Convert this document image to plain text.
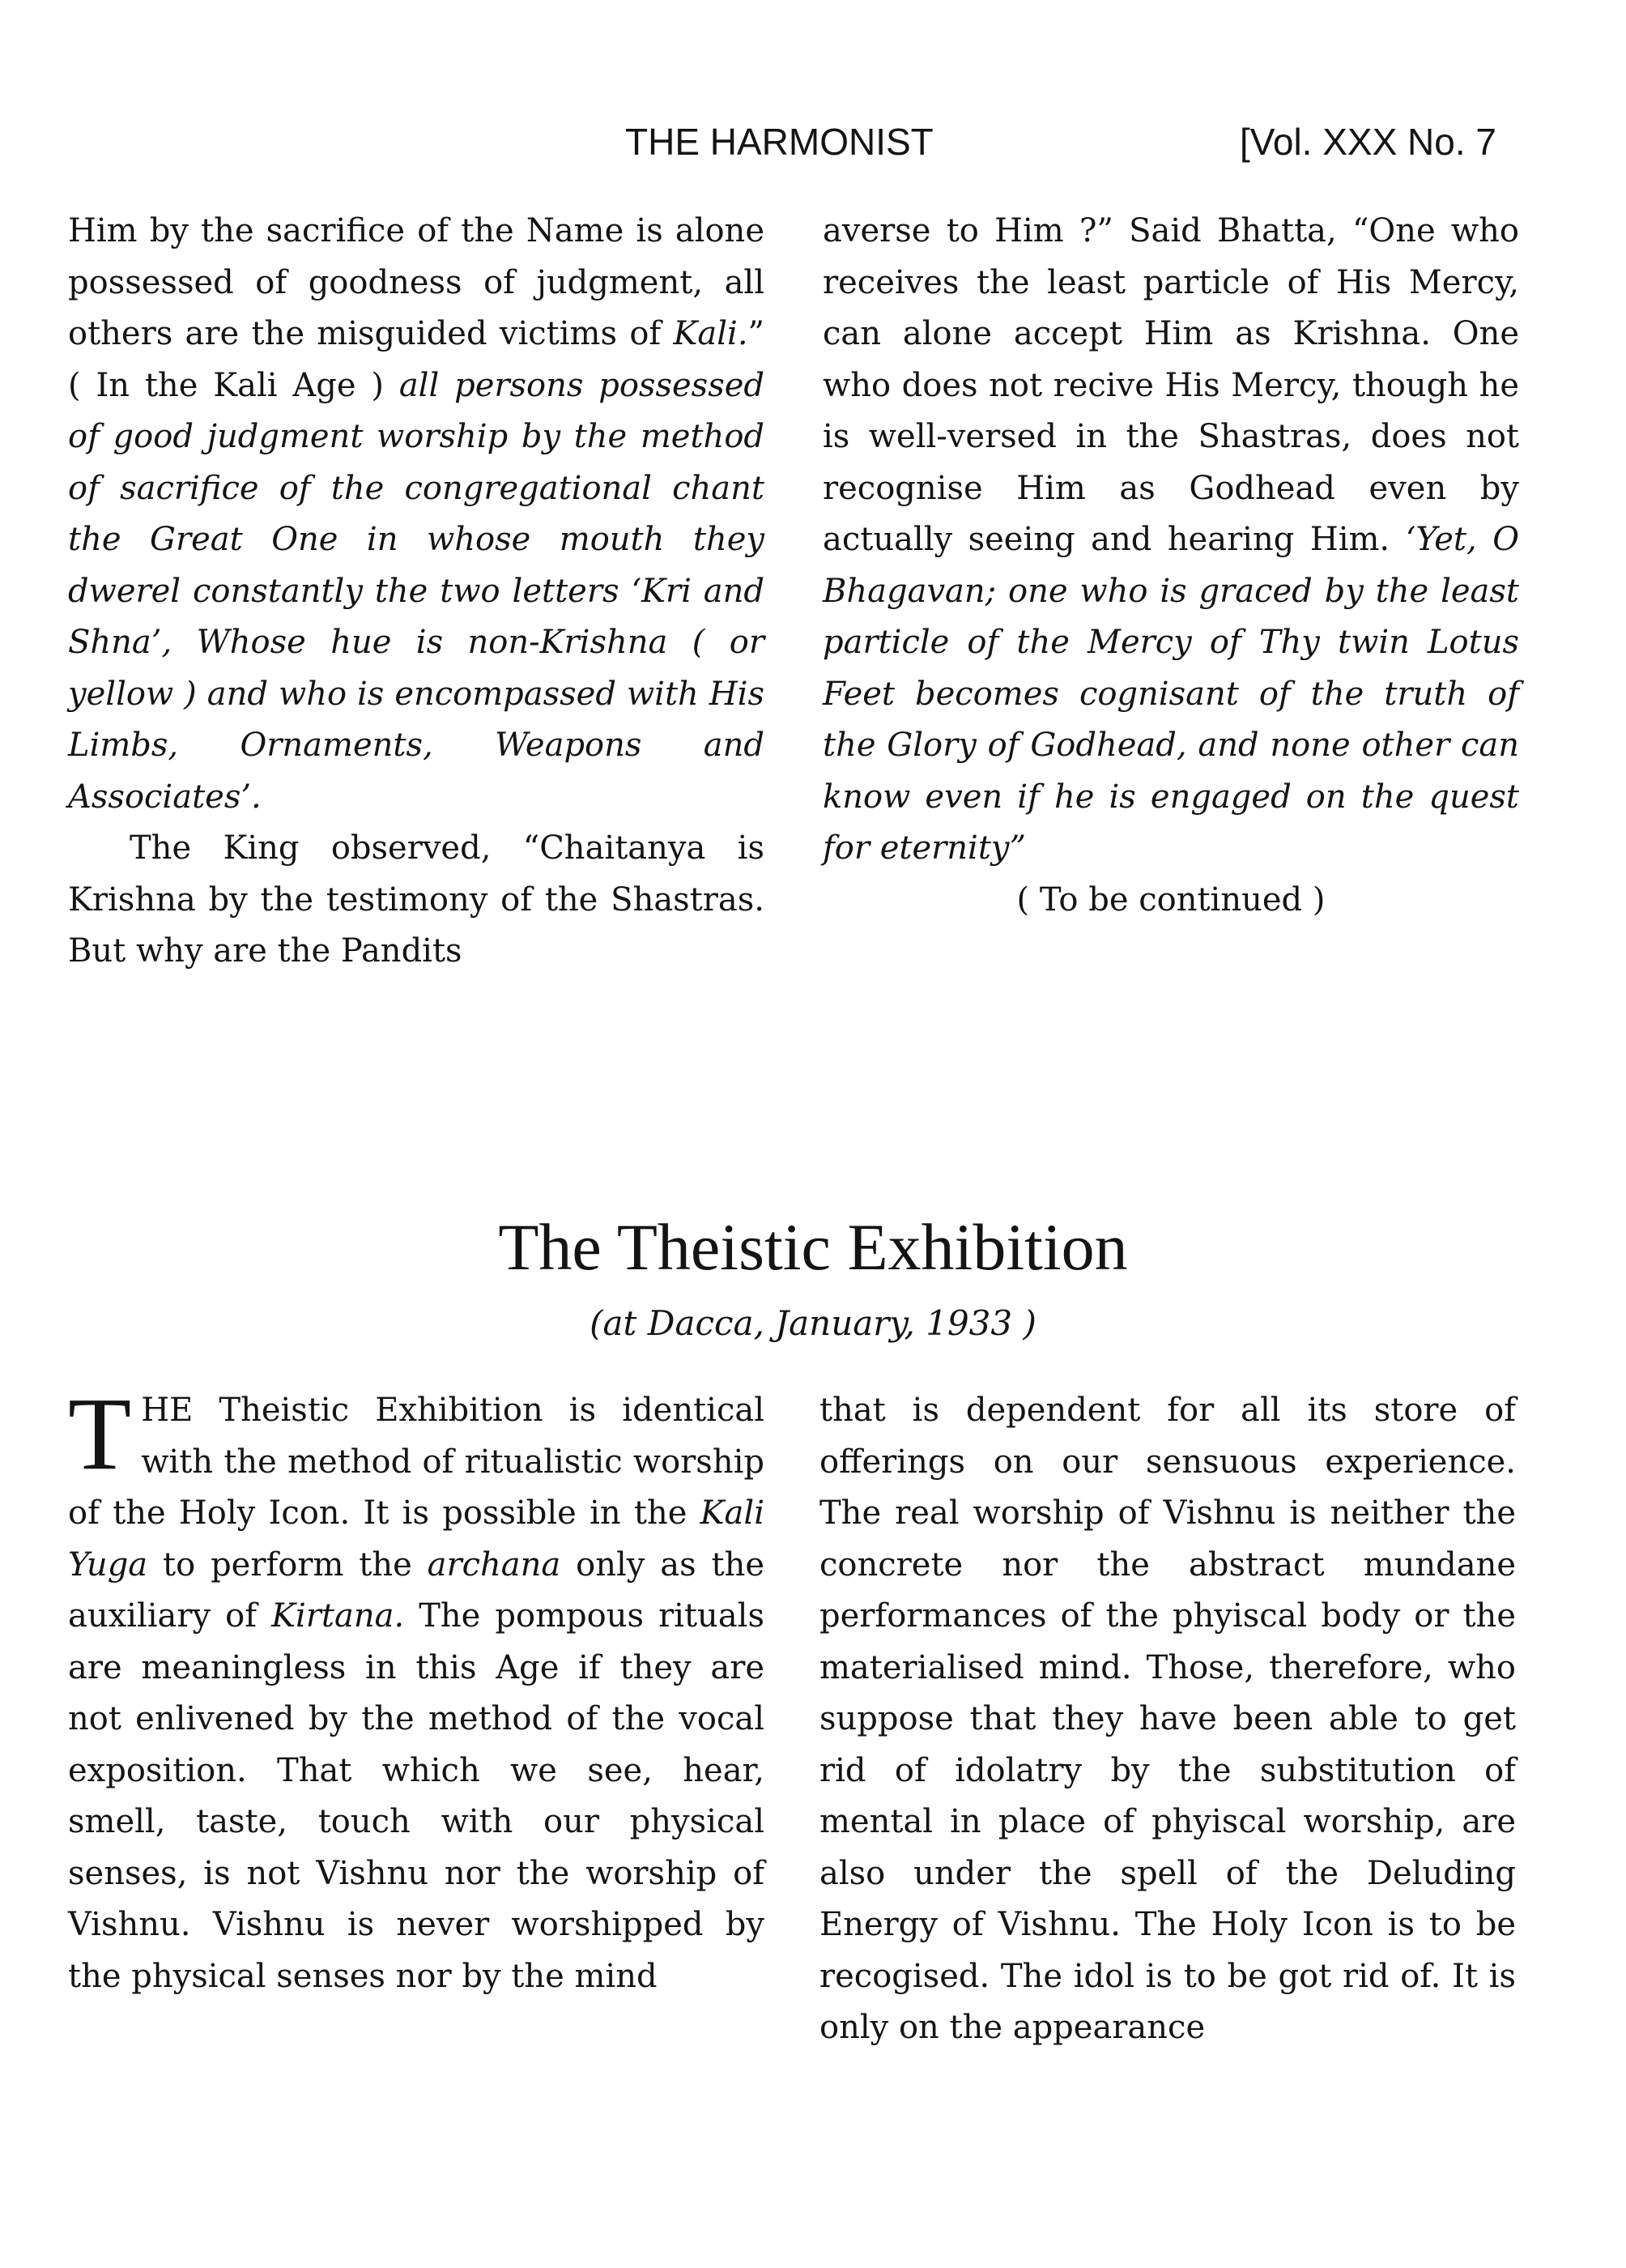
THE HARMONIST	[Vol. XXX No. 7

Him by the sacrifice of the Name is alone possessed of goodness of judgment, all others are the misguided victims of Kali.” ( In the Kali Age ) all persons possessed of good judgment worship by the method of sacrifice of the congregational chant the Great One in whose mouth they dwerel constantly the two letters ‘Kri and Shna’, Whose hue is non-Krishna ( or yellow ) and who is encompassed with His Limbs, Ornaments, Weapons and Associates’.

The King observed, “Chaitanya is Krishna by the testimony of the Shastras. But why are the Pandits

averse to Him ?” Said Bhatta, “One who receives the least particle of His Mercy, can alone accept Him as Krishna. One who does not recive His Mercy, though he is well-versed in the Shastras, does not recognise Him as Godhead even by actually seeing and hearing Him. ‘Yet, O Bhagavan; one who is graced by the least particle of the Mercy of Thy twin Lotus Feet becomes cognisant of the truth of the Glory of Godhead, and none other can know even if he is engaged on the quest for eternity”

( To be continued )

The Theistic Exhibition
(at Dacca, January, 1933 )

THE Theistic Exhibition is identical with the method of ritualistic worship of the Holy Icon. It is possible in the Kali Yuga to perform the archana only as the auxiliary of Kirtana. The pompous rituals are meaningless in this Age if they are not enlivened by the method of the vocal exposition. That which we see, hear, smell, taste, touch with our physical senses, is not Vishnu nor the worship of Vishnu. Vishnu is never worshipped by the physical senses nor by the mind

that is dependent for all its store of offerings on our sensuous experience. The real worship of Vishnu is neither the concrete nor the abstract mundane performances of the phyiscal body or the materialised mind. Those, therefore, who suppose that they have been able to get rid of idolatry by the substitution of mental in place of phyiscal worship, are also under the spell of the Deluding Energy of Vishnu. The Holy Icon is to be recogised. The idol is to be got rid of. It is only on the appearance
